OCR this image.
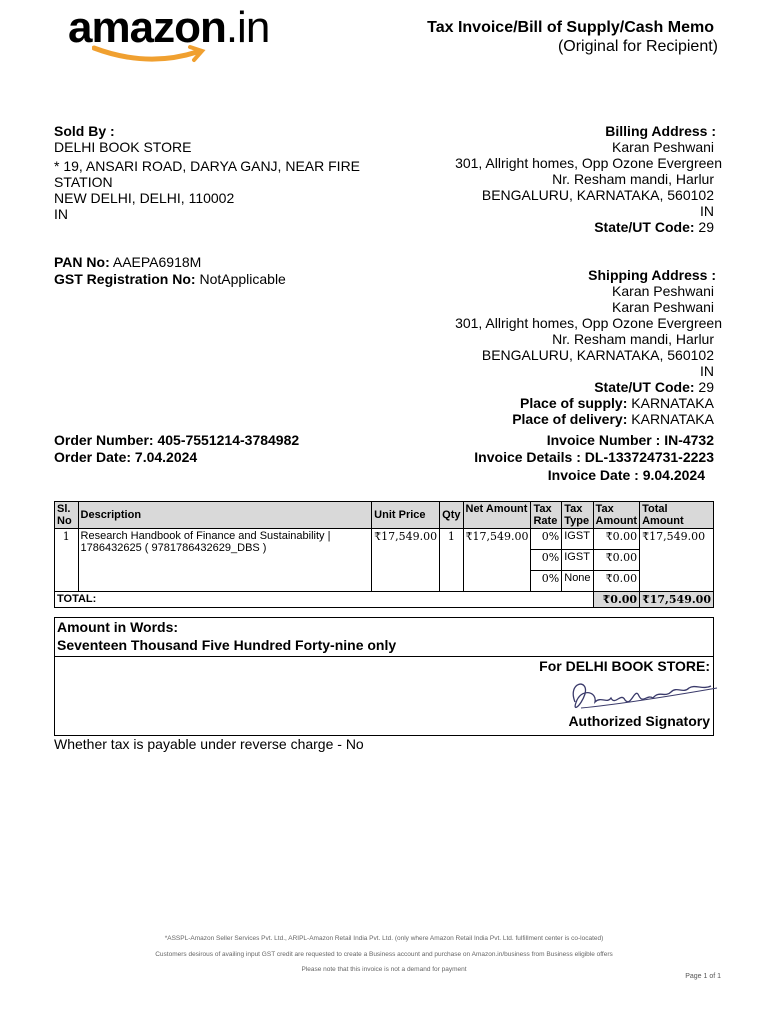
amazon.in	Tax Invoice/Bill of Supply/Cash Memo
(Original for Recipient)
Sold By :
DELHI BOOK STORE
* 19, ANSARI ROAD, DARYA GANJ, NEAR FIRE
STATION
NEW DELHI, DELHI, 110002
IN
PAN No: AAEPA6918M
GST Registration No: NotApplicable
Billing Address :
Karan Peshwani
301, Allright homes, Opp Ozone Evergreen
Nr. Resham mandi, Harlur
BENGALURU, KARNATAKA, 560102
IN
State/UT Code: 29
Shipping Address :
Karan Peshwani
Karan Peshwani
301, Allright homes, Opp Ozone Evergreen
Nr. Resham mandi, Harlur
BENGALURU, KARNATAKA, 560102
IN
State/UT Code: 29
Place of supply: KARNATAKA
Place of delivery: KARNATAKA
Order Number: 405-7551214-3784982
Order Date: 7.04.2024
Invoice Number : IN-4732
Invoice Details : DL-133724731-2223
Invoice Date : 9.04.2024
Sl. No	Description	Unit Price	Qty	Net Amount	Tax Rate	Tax Type	Tax Amount	Total Amount
1	Research Handbook of Finance and Sustainability | 1786432625 ( 9781786432629_DBS )	₹17,549.00	1	₹17,549.00	0%	IGST	₹0.00	₹17,549.00
					0%	IGST	₹0.00	
					0%	None	₹0.00	
TOTAL:							₹0.00	₹17,549.00
Amount in Words:
Seventeen Thousand Five Hundred Forty-nine only
For DELHI BOOK STORE:
Authorized Signatory
Whether tax is payable under reverse charge - No
*ASSPL-Amazon Seller Services Pvt. Ltd., ARIPL-Amazon Retail India Pvt. Ltd. (only where Amazon Retail India Pvt. Ltd. fulfillment center is co-located)
Customers desirous of availing input GST credit are requested to create a Business account and purchase on Amazon.in/business from Business eligible offers
Please note that this invoice is not a demand for payment
Page 1 of 1
